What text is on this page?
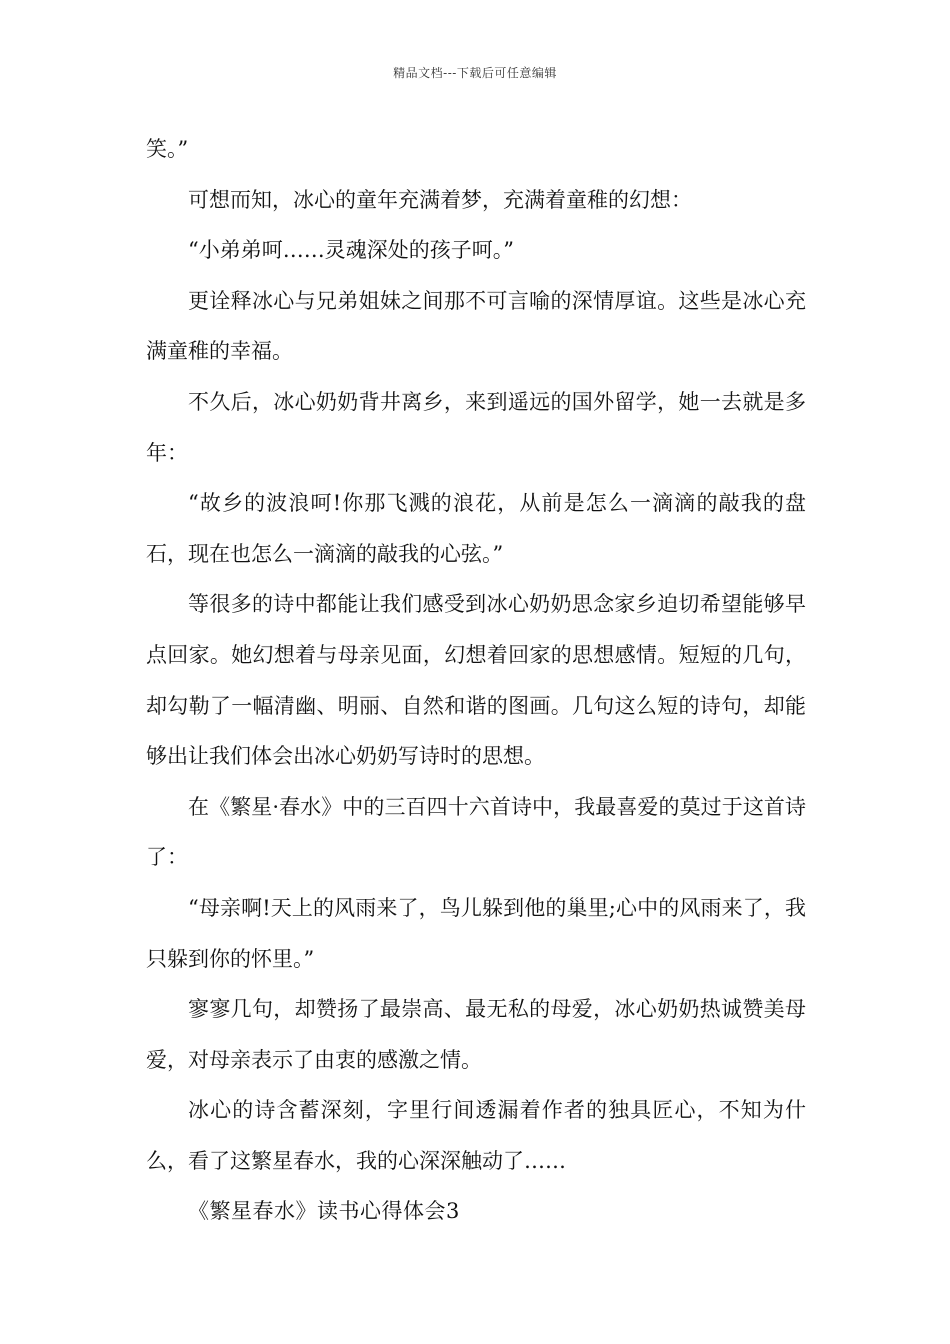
精品文档---下载后可任意编辑

笑。”

可想而知，冰心的童年充满着梦，充满着童稚的幻想：

“小弟弟呵……灵魂深处的孩子呵。”

更诠释冰心与兄弟姐妹之间那不可言喻的深情厚谊。这些是冰心充满童稚的幸福。

不久后，冰心奶奶背井离乡，来到遥远的国外留学，她一去就是多年：

“故乡的波浪呵!你那飞溅的浪花，从前是怎么一滴滴的敲我的盘石，现在也怎么一滴滴的敲我的心弦。”

等很多的诗中都能让我们感受到冰心奶奶思念家乡迫切希望能够早点回家。她幻想着与母亲见面，幻想着回家的思想感情。短短的几句，却勾勒了一幅清幽、明丽、自然和谐的图画。几句这么短的诗句，却能够出让我们体会出冰心奶奶写诗时的思想。

在《繁星·春水》中的三百四十六首诗中，我最喜爱的莫过于这首诗了：

“母亲啊!天上的风雨来了，鸟儿躲到他的巢里;心中的风雨来了，我只躲到你的怀里。”

寥寥几句，却赞扬了最崇高、最无私的母爱，冰心奶奶热诚赞美母爱，对母亲表示了由衷的感激之情。

冰心的诗含蓄深刻，字里行间透漏着作者的独具匠心，不知为什么，看了这繁星春水，我的心深深触动了……

《繁星春水》读书心得体会3
